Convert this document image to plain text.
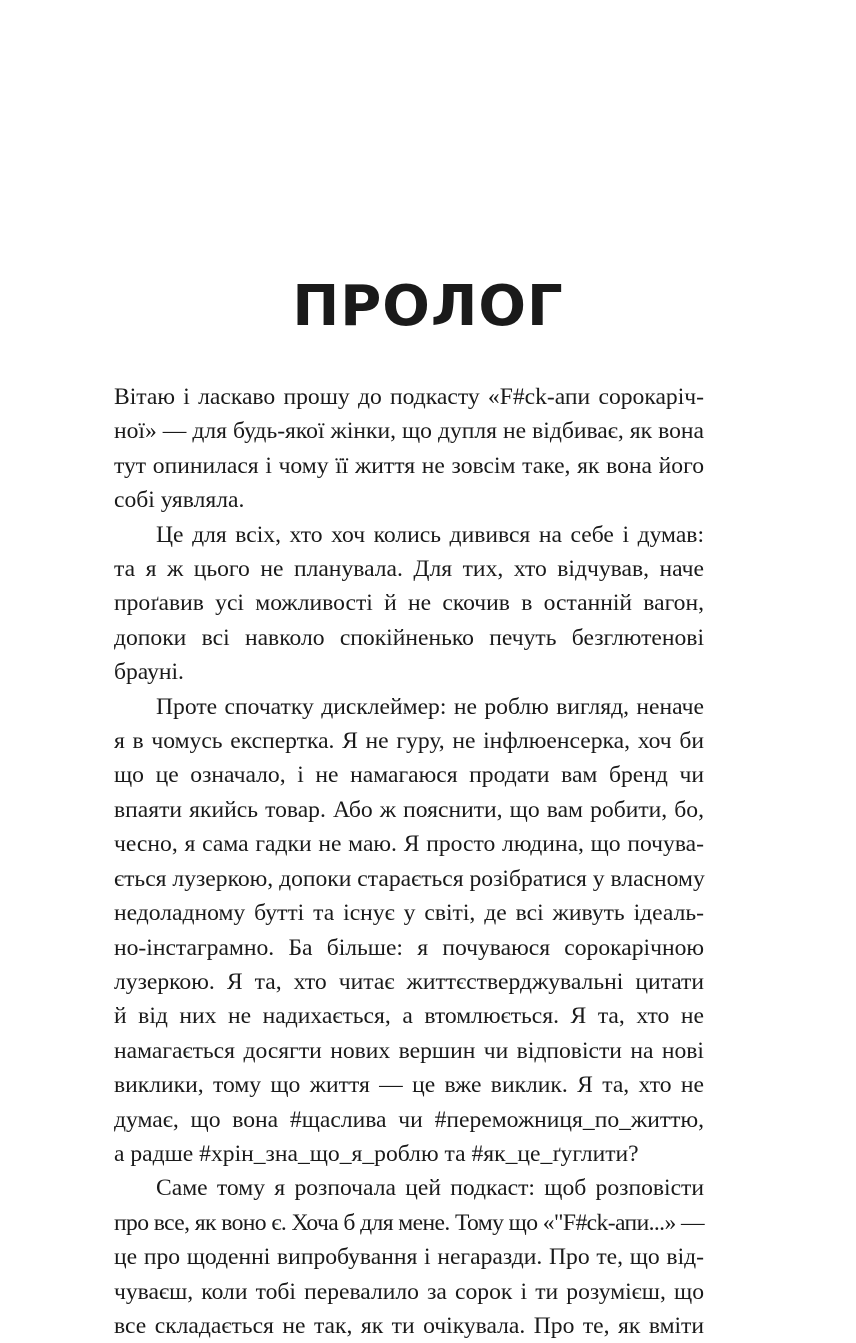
ПРОЛОГ

Вітаю і ласкаво прошу до подкасту «F#ck-апи сорокаріч-
ної» — для будь-якої жінки, що дупля не відбиває, як вона
тут опинилася і чому її життя не зовсім таке, як вона його
собі уявляла.

Це для всіх, хто хоч колись дивився на себе і думав:
та я ж цього не планувала. Для тих, хто відчував, наче
проґавив усі можливості й не скочив в останній вагон,
допоки всі навколо спокійненько печуть безглютенові
брауні.

Проте спочатку дисклеймер: не роблю вигляд, неначе
я в чомусь експертка. Я не гуру, не інфлюенсерка, хоч би
що це означало, і не намагаюся продати вам бренд чи
впаяти якийсь товар. Або ж пояснити, що вам робити, бо,
чесно, я сама гадки не маю. Я просто людина, що почува-
ється лузеркою, допоки старається розібратися у власному
недоладному бутті та існує у світі, де всі живуть ідеаль-
но-інстаграмно. Ба більше: я почуваюся сорокарічною
лузеркою. Я та, хто читає життєстверджувальні цитати
й від них не надихається, а втомлюється. Я та, хто не
намагається досягти нових вершин чи відповісти на нові
виклики, тому що життя — це вже виклик. Я та, хто не
думає, що вона #щаслива чи #переможниця_по_життю,
а радше #хрін_зна_що_я_роблю та #як_це_ґуглити?

Саме тому я розпочала цей подкаст: щоб розповісти
про все, як воно є. Хоча б для мене. Тому що «"F#ck-апи...» —
це про щоденні випробування і негаразди. Про те, що від-
чуваєш, коли тобі перевалило за сорок і ти розумієш, що
все складається не так, як ти очікувала. Про те, як вміти
